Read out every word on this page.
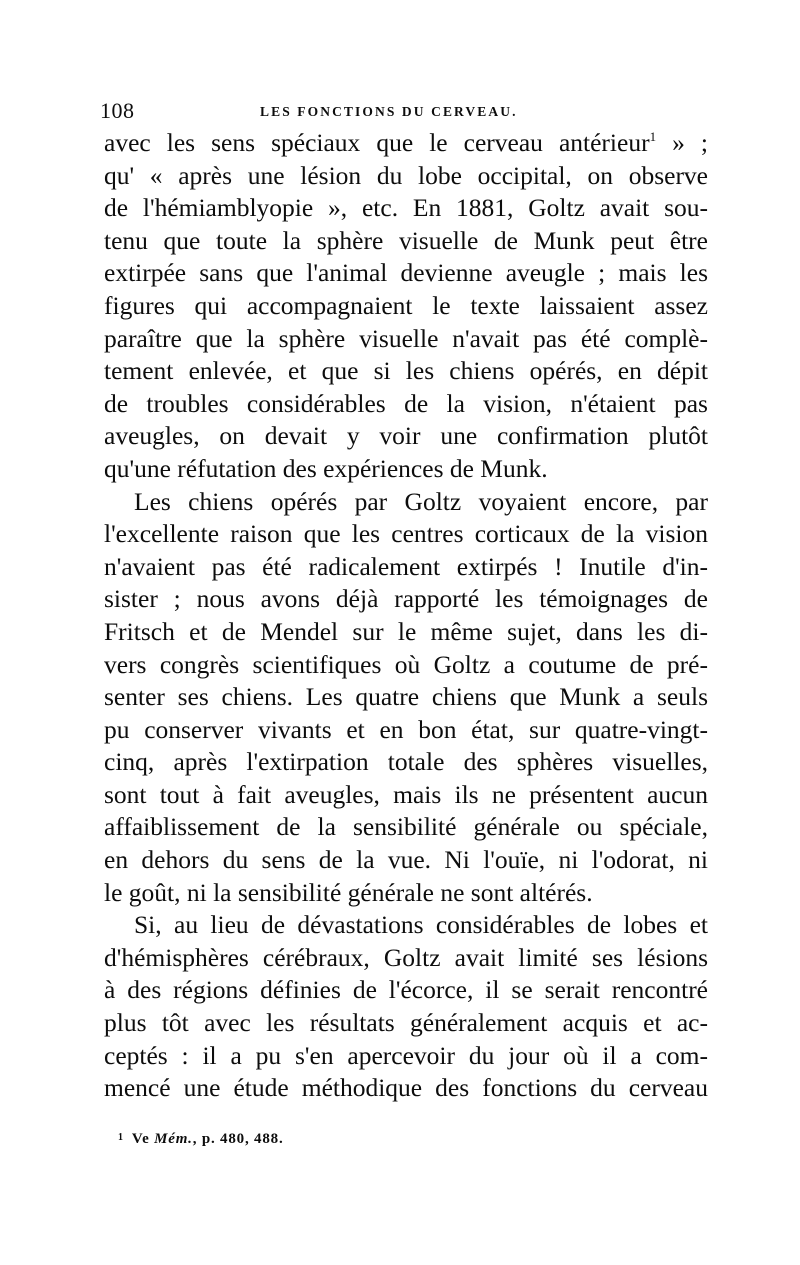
108	LES FONCTIONS DU CERVEAU.
avec les sens spéciaux que le cerveau antérieur$^1$ » ;
qu' « après une lésion du lobe occipital, on observe
de l'hémiamblyopie », etc. En 1881, Goltz avait sou-
tenu que toute la sphère visuelle de Munk peut être
extirpée sans que l'animal devienne aveugle ; mais les
figures qui accompagnaient le texte laissaient assez
paraître que la sphère visuelle n'avait pas été complè-
tement enlevée, et que si les chiens opérés, en dépit
de troubles considérables de la vision, n'étaient pas
aveugles, on devait y voir une confirmation plutôt
qu'une réfutation des expériences de Munk.
Les chiens opérés par Goltz voyaient encore, par
l'excellente raison que les centres corticaux de la vision
n'avaient pas été radicalement extirpés ! Inutile d'in-
sister ; nous avons déjà rapporté les témoignages de
Fritsch et de Mendel sur le même sujet, dans les di-
vers congrès scientifiques où Goltz a coutume de pré-
senter ses chiens. Les quatre chiens que Munk a seuls
pu conserver vivants et en bon état, sur quatre-vingt-
cinq, après l'extirpation totale des sphères visuelles,
sont tout à fait aveugles, mais ils ne présentent aucun
affaiblissement de la sensibilité générale ou spéciale,
en dehors du sens de la vue. Ni l'ouïe, ni l'odorat, ni
le goût, ni la sensibilité générale ne sont altérés.
Si, au lieu de dévastations considérables de lobes et
d'hémisphères cérébraux, Goltz avait limité ses lésions
à des régions définies de l'écorce, il se serait rencontré
plus tôt avec les résultats généralement acquis et ac-
ceptés : il a pu s'en apercevoir du jour où il a com-
mencé une étude méthodique des fonctions du cerveau
$^1$ Ve Mém., p. 480, 488.
